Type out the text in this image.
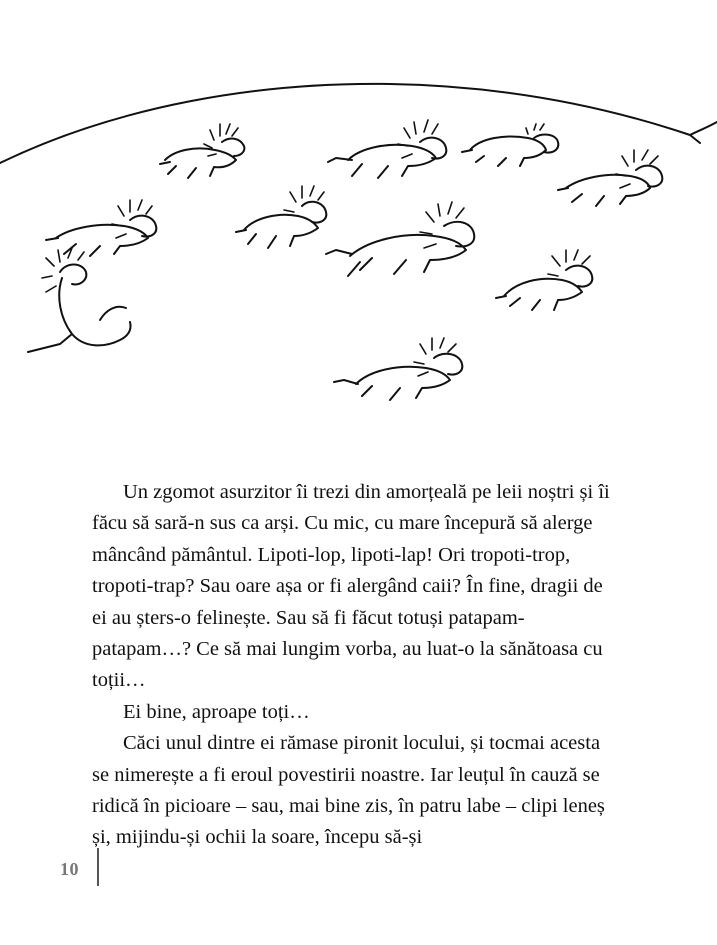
Un zgomot asurzitor îi trezi din amorțeală pe leii noștri și îi făcu să sară-n sus ca arși. Cu mic, cu mare începură să alerge mâncând pământul. Lipoti-lop, lipoti-lap! Ori tropoti-trop, tropoti-trap? Sau oare așa or fi alergând caii? În fine, dragii de ei au șters-o felinește. Sau să fi făcut totuși patapam-patapam…? Ce să mai lungim vorba, au luat-o la sănătoasa cu toții…

Ei bine, aproape toți…

Căci unul dintre ei rămase pironit locului, și tocmai acesta se nimerește a fi eroul povestirii noastre. Iar leuțul în cauză se ridică în picioare – sau, mai bine zis, în patru labe – clipi leneș și, mijindu-și ochii la soare, începu să-și

10
